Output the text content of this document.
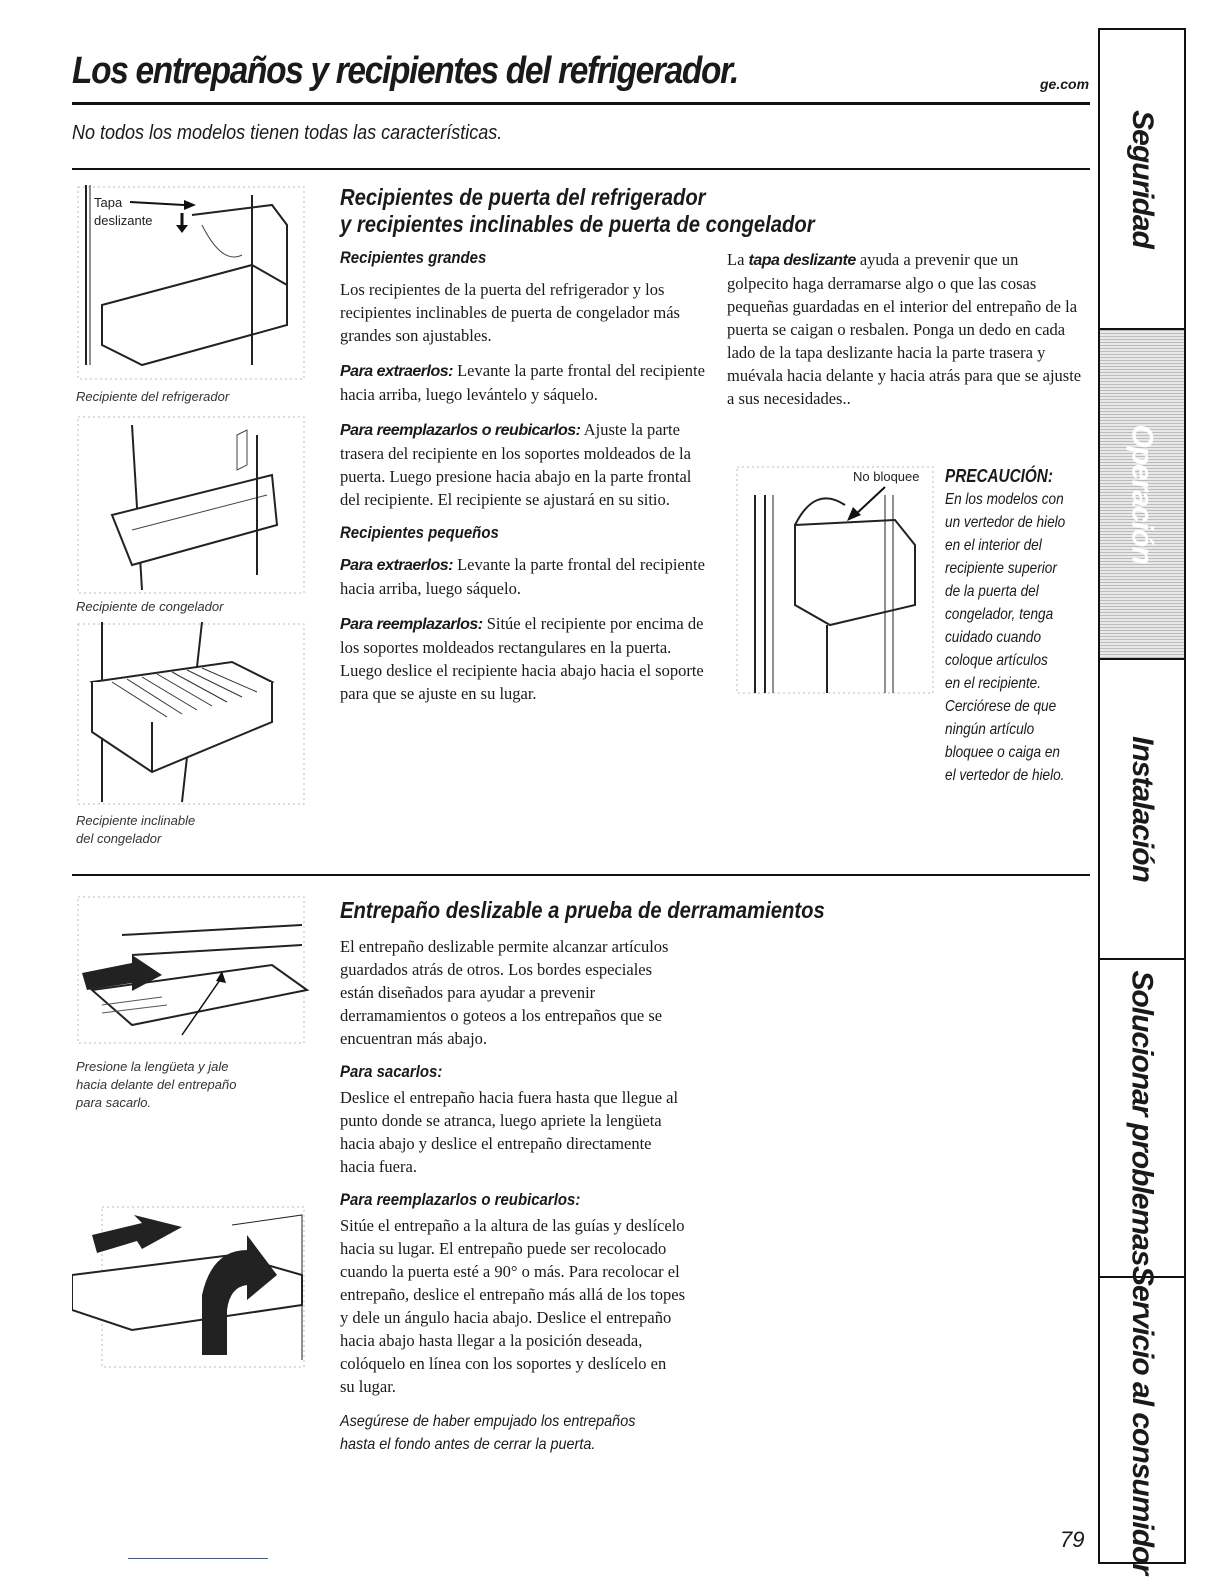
Los entrepaños y recipientes del refrigerador.	ge.com
No todos los modelos tienen todas las características.
Tapa
deslizante
Recipiente del refrigerador
Recipiente de congelador
Recipiente inclinable
del congelador
Recipientes de puerta del refrigerador
y recipientes inclinables de puerta de congelador
Recipientes grandes

Los recipientes de la puerta del refrigerador y los recipientes inclinables de puerta de congelador más grandes son ajustables.

Para extraerlos: Levante la parte frontal del recipiente hacia arriba, luego levántelo y sáquelo.

Para reemplazarlos o reubicarlos: Ajuste la parte trasera del recipiente en los soportes moldeados de la puerta. Luego presione hacia abajo en la parte frontal del recipiente. El recipiente se ajustará en su sitio.

Recipientes pequeños

Para extraerlos: Levante la parte frontal del recipiente hacia arriba, luego sáquelo.

Para reemplazarlos: Sitúe el recipiente por encima de los soportes moldeados rectangulares en la puerta. Luego deslice el recipiente hacia abajo hacia el soporte para que se ajuste en su lugar.

La tapa deslizante ayuda a prevenir que un golpecito haga derramarse algo o que las cosas pequeñas guardadas en el interior del entrepaño de la puerta se caigan o resbalen. Ponga un dedo en cada lado de la tapa deslizante hacia la parte trasera y muévala hacia delante y hacia atrás para que se ajuste a sus necesidades..
No bloquee PRECAUCIÓN:
En los modelos con
un vertedor de hielo
en el interior del
recipiente superior
de la puerta del
congelador, tenga
cuidado cuando
coloque artículos
en el recipiente.
Cerciórese de que
ningún artículo
bloquee o caiga en
el vertedor de hielo.
Presione la lengüeta y jale
hacia delante del entrepaño
para sacarlo.
Entrepaño deslizable a prueba de derramamientos

El entrepaño deslizable permite alcanzar artículos guardados atrás de otros. Los bordes especiales están diseñados para ayudar a prevenir derramamientos o goteos a los entrepaños que se encuentran más abajo.

Para sacarlos:

Deslice el entrepaño hacia fuera hasta que llegue al punto donde se atranca, luego apriete la lengüeta hacia abajo y deslice el entrepaño directamente hacia fuera.

Para reemplazarlos o reubicarlos:

Sitúe el entrepaño a la altura de las guías y deslícelo hacia su lugar. El entrepaño puede ser recolocado cuando la puerta esté a 90° o más. Para recolocar el entrepaño, deslice el entrepaño más allá de los topes y dele un ángulo hacia abajo. Deslice el entrepaño hacia abajo hasta llegar a la posición deseada, colóquelo en línea con los soportes y deslícelo en su lugar.

Asegúrese de haber empujado los entrepaños
hasta el fondo antes de cerrar la puerta.
Seguridad
Operación
Instalación
Solucionar problemas
Servicio al consumidor
79
